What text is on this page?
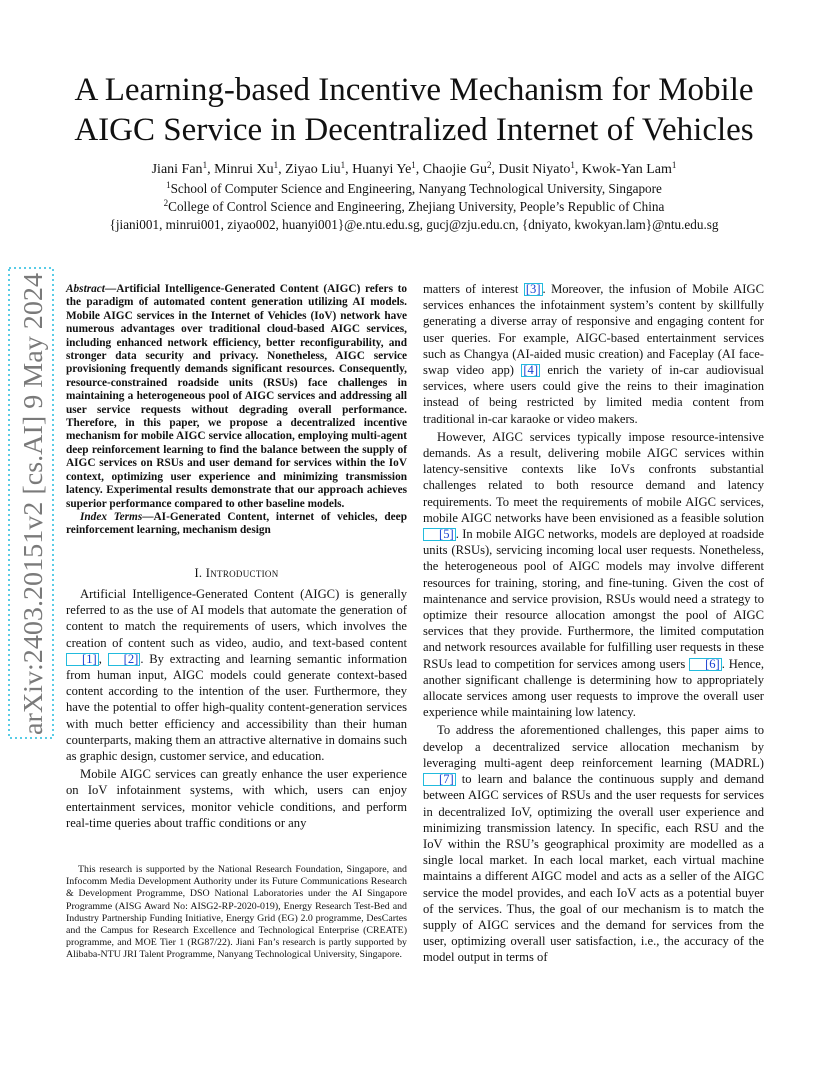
A Learning-based Incentive Mechanism for Mobile AIGC Service in Decentralized Internet of Vehicles
Jiani Fan$^1$, Minrui Xu$^1$, Ziyao Liu$^1$, Huanyi Ye$^1$, Chaojie Gu$^2$, Dusit Niyato$^1$, Kwok-Yan Lam$^1$
$^1$School of Computer Science and Engineering, Nanyang Technological University, Singapore
$^2$College of Control Science and Engineering, Zhejiang University, People’s Republic of China
{jiani001, minrui001, ziyao002, huanyi001}@e.ntu.edu.sg, gucj@zju.edu.cn, {dniyato, kwokyan.lam}@ntu.edu.sg
arXiv:2403.20151v2 [cs.AI] 9 May 2024 Abstract—Artificial Intelligence-Generated Content (AIGC) refers to the paradigm of automated content generation utilizing AI models. Mobile AIGC services in the Internet of Vehicles (IoV) network have numerous advantages over traditional cloud-based AIGC services, including enhanced network efficiency, better reconfigurability, and stronger data security and privacy. Nonetheless, AIGC service provisioning frequently demands significant resources. Consequently, resource-constrained roadside units (RSUs) face challenges in maintaining a heterogeneous pool of AIGC services and addressing all user service requests without degrading overall performance. Therefore, in this paper, we propose a decentralized incentive mechanism for mobile AIGC service allocation, employing multi-agent deep reinforcement learning to find the balance between the supply of AIGC services on RSUs and user demand for services within the IoV context, optimizing user experience and minimizing transmission latency. Experimental results demonstrate that our approach achieves superior performance compared to other baseline models.

Index Terms—AI-Generated Content, internet of vehicles, deep reinforcement learning, mechanism design

I. Introduction

Artificial Intelligence-Generated Content (AIGC) is generally referred to as the use of AI models that automate the generation of content to match the requirements of users, which involves the creation of content such as video, audio, and text-based content [1] , [2] . By extracting and learning semantic information from human input, AIGC models could generate context-based content according to the intention of the user. Furthermore, they have the potential to offer high-quality content-generation services with much better efficiency and accessibility than their human counterparts, making them an attractive alternative in domains such as graphic design, customer service, and education.

Mobile AIGC services can greatly enhance the user experience on IoV infotainment systems, with which, users can enjoy entertainment services, monitor vehicle conditions, and perform real-time queries about traffic conditions or any

This research is supported by the National Research Foundation, Singapore, and Infocomm Media Development Authority under its Future Communications Research & Development Programme, DSO National Laboratories under the AI Singapore Programme (AISG Award No: AISG2-RP-2020-019), Energy Research Test-Bed and Industry Partnership Funding Initiative, Energy Grid (EG) 2.0 programme, DesCartes and the Campus for Research Excellence and Technological Enterprise (CREATE) programme, and MOE Tier 1 (RG87/22). Jiani Fan’s research is partly supported by Alibaba-NTU JRI Talent Programme, Nanyang Technological University, Singapore.

matters of interest [3] . Moreover, the infusion of Mobile AIGC services enhances the infotainment system’s content by skillfully generating a diverse array of responsive and engaging content for user queries. For example, AIGC-based entertainment services such as Changya (AI-aided music creation) and Faceplay (AI face-swap video app) [4] enrich the variety of in-car audiovisual services, where users could give the reins to their imagination instead of being restricted by limited media content from traditional in-car karaoke or video makers.

However, AIGC services typically impose resource-intensive demands. As a result, delivering mobile AIGC services within latency-sensitive contexts like IoVs confronts substantial challenges related to both resource demand and latency requirements. To meet the requirements of mobile AIGC services, mobile AIGC networks have been envisioned as a feasible solution [5] . In mobile AIGC networks, models are deployed at roadside units (RSUs), servicing incoming local user requests. Nonetheless, the heterogeneous pool of AIGC models may involve different resources for training, storing, and fine-tuning. Given the cost of maintenance and service provision, RSUs would need a strategy to optimize their resource allocation amongst the pool of AIGC services that they provide. Furthermore, the limited computation and network resources available for fulfilling user requests in these RSUs lead to competition for services among users [6] . Hence, another significant challenge is determining how to appropriately allocate services among user requests to improve the overall user experience while maintaining low latency.

To address the aforementioned challenges, this paper aims to develop a decentralized service allocation mechanism by leveraging multi-agent deep reinforcement learning (MADRL) [7] to learn and balance the continuous supply and demand between AIGC services of RSUs and the user requests for services in decentralized IoV, optimizing the overall user experience and minimizing transmission latency. In specific, each RSU and the IoV within the RSU’s geographical proximity are modelled as a single local market. In each local market, each virtual machine maintains a different AIGC model and acts as a seller of the AIGC service the model provides, and each IoV acts as a potential buyer of the services. Thus, the goal of our mechanism is to match the supply of AIGC services and the demand for services from the user, optimizing overall user satisfaction, i.e., the accuracy of the model output in terms of
